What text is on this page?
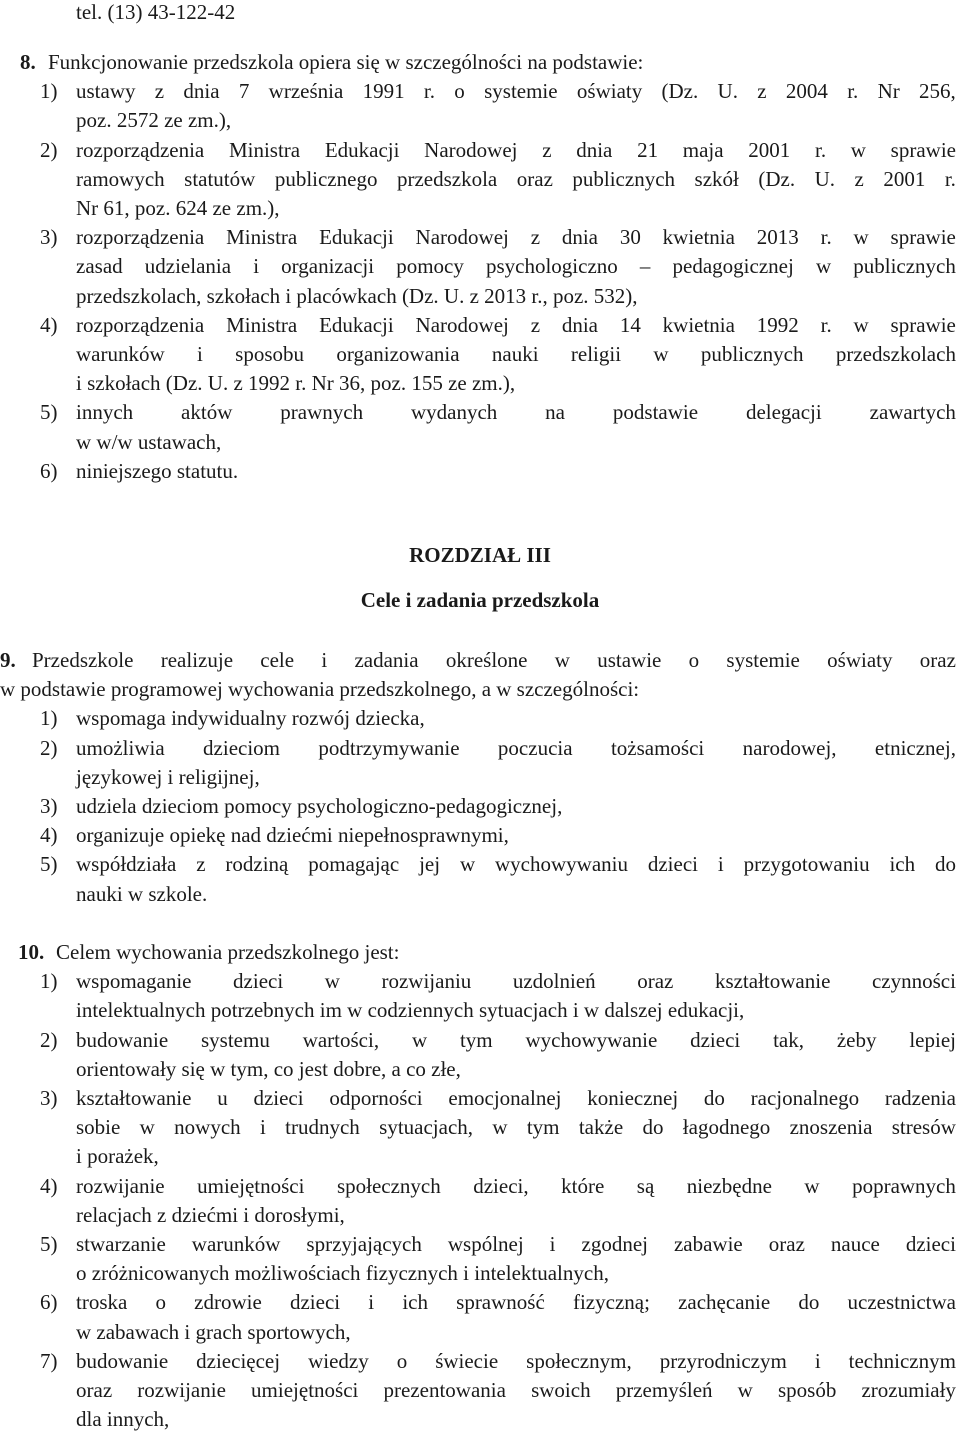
tel. (13) 43-122-42
8. Funkcjonowanie przedszkola opiera się w szczególności na podstawie:
1) ustawy z dnia 7 września 1991 r. o systemie oświaty (Dz. U. z 2004 r. Nr 256,
poz. 2572 ze zm.),
2) rozporządzenia Ministra Edukacji Narodowej z dnia 21 maja 2001 r. w sprawie
ramowych statutów publicznego przedszkola oraz publicznych szkół (Dz. U. z 2001 r.
Nr 61, poz. 624 ze zm.),
3) rozporządzenia Ministra Edukacji Narodowej z dnia 30 kwietnia 2013 r. w sprawie
zasad udzielania i organizacji pomocy psychologiczno – pedagogicznej w publicznych
przedszkolach, szkołach i placówkach (Dz. U. z 2013 r., poz. 532),
4) rozporządzenia Ministra Edukacji Narodowej z dnia 14 kwietnia 1992 r. w sprawie
warunków i sposobu organizowania nauki religii w publicznych przedszkolach
i szkołach (Dz. U. z 1992 r. Nr 36, poz. 155 ze zm.),
5) innych aktów prawnych wydanych na podstawie delegacji zawartych
w w/w ustawach,
6) niniejszego statutu.
ROZDZIAŁ III
Cele i zadania przedszkola
9. Przedszkole realizuje cele i zadania określone w ustawie o systemie oświaty oraz
w podstawie programowej wychowania przedszkolnego, a w szczególności:
1) wspomaga indywidualny rozwój dziecka,
2) umożliwia dzieciom podtrzymywanie poczucia tożsamości narodowej, etnicznej,
językowej i religijnej,
3) udziela dzieciom pomocy psychologiczno-pedagogicznej,
4) organizuje opiekę nad dziećmi niepełnosprawnymi,
5) współdziała z rodziną pomagając jej w wychowywaniu dzieci i przygotowaniu ich do
nauki w szkole.
10. Celem wychowania przedszkolnego jest:
1) wspomaganie dzieci w rozwijaniu uzdolnień oraz kształtowanie czynności
intelektualnych potrzebnych im w codziennych sytuacjach i w dalszej edukacji,
2) budowanie systemu wartości, w tym wychowywanie dzieci tak, żeby lepiej
orientowały się w tym, co jest dobre, a co złe,
3) kształtowanie u dzieci odporności emocjonalnej koniecznej do racjonalnego radzenia
sobie w nowych i trudnych sytuacjach, w tym także do łagodnego znoszenia stresów
i porażek,
4) rozwijanie umiejętności społecznych dzieci, które są niezbędne w poprawnych
relacjach z dziećmi i dorosłymi,
5) stwarzanie warunków sprzyjających wspólnej i zgodnej zabawie oraz nauce dzieci
o zróżnicowanych możliwościach fizycznych i intelektualnych,
6) troska o zdrowie dzieci i ich sprawność fizyczną; zachęcanie do uczestnictwa
w zabawach i grach sportowych,
7) budowanie dziecięcej wiedzy o świecie społecznym, przyrodniczym i technicznym
oraz rozwijanie umiejętności prezentowania swoich przemyśleń w sposób zrozumiały
dla innych,
